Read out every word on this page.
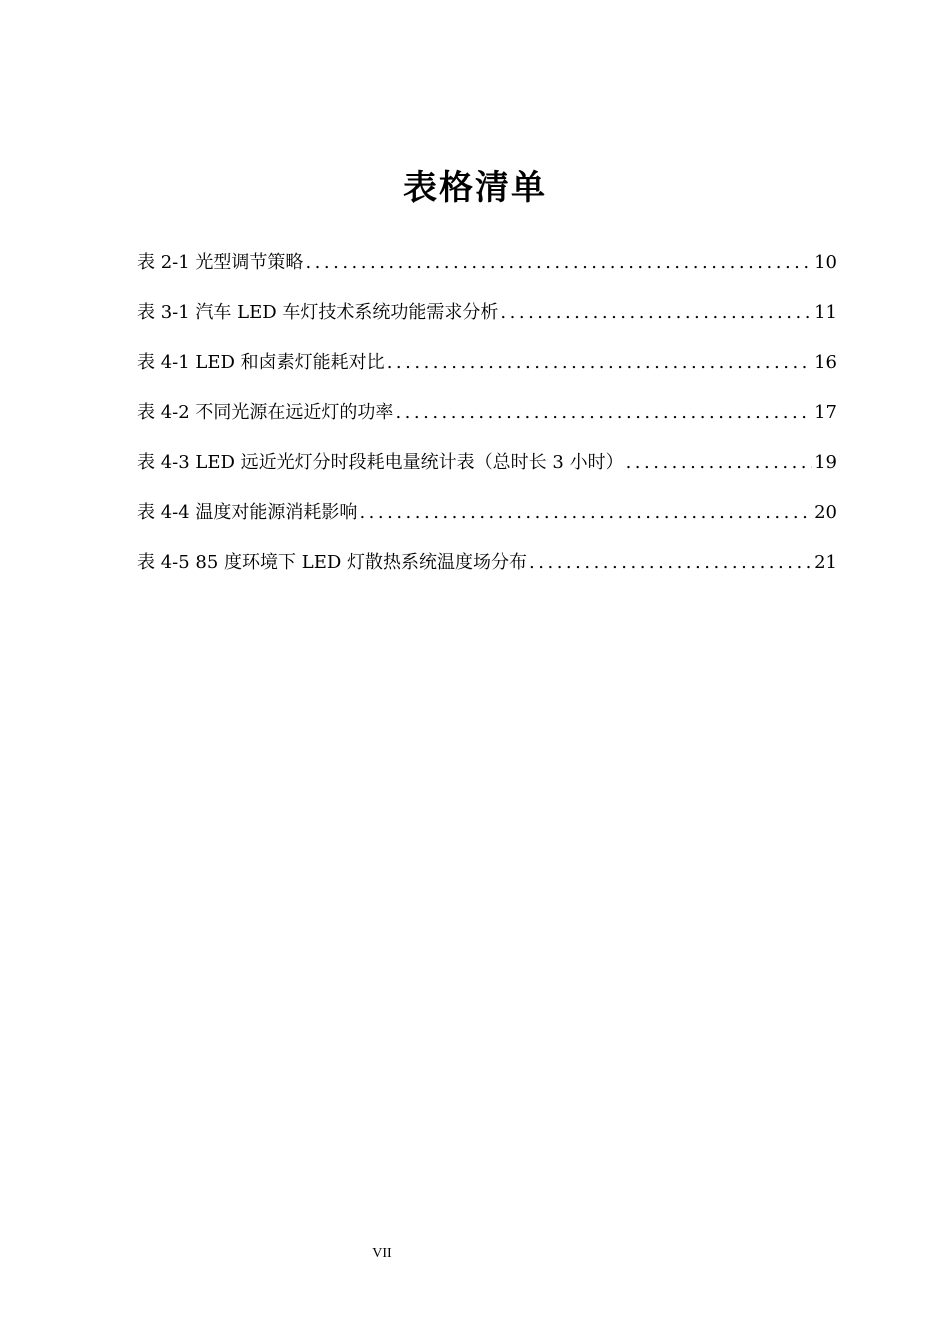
表格清单
表 2-1 光型调节策略 .....	10
表 3-1 汽车 LED 车灯技术系统功能需求分析 .....	11
表 4-1 LED 和卤素灯能耗对比 .....	16
表 4-2 不同光源在远近灯的功率 .....	17
表 4-3 LED 远近光灯分时段耗电量统计表（总时长 3 小时） .....	19
表 4-4 温度对能源消耗影响 .....	20
表 4-5 85 度环境下 LED 灯散热系统温度场分布 .....	21
VII
